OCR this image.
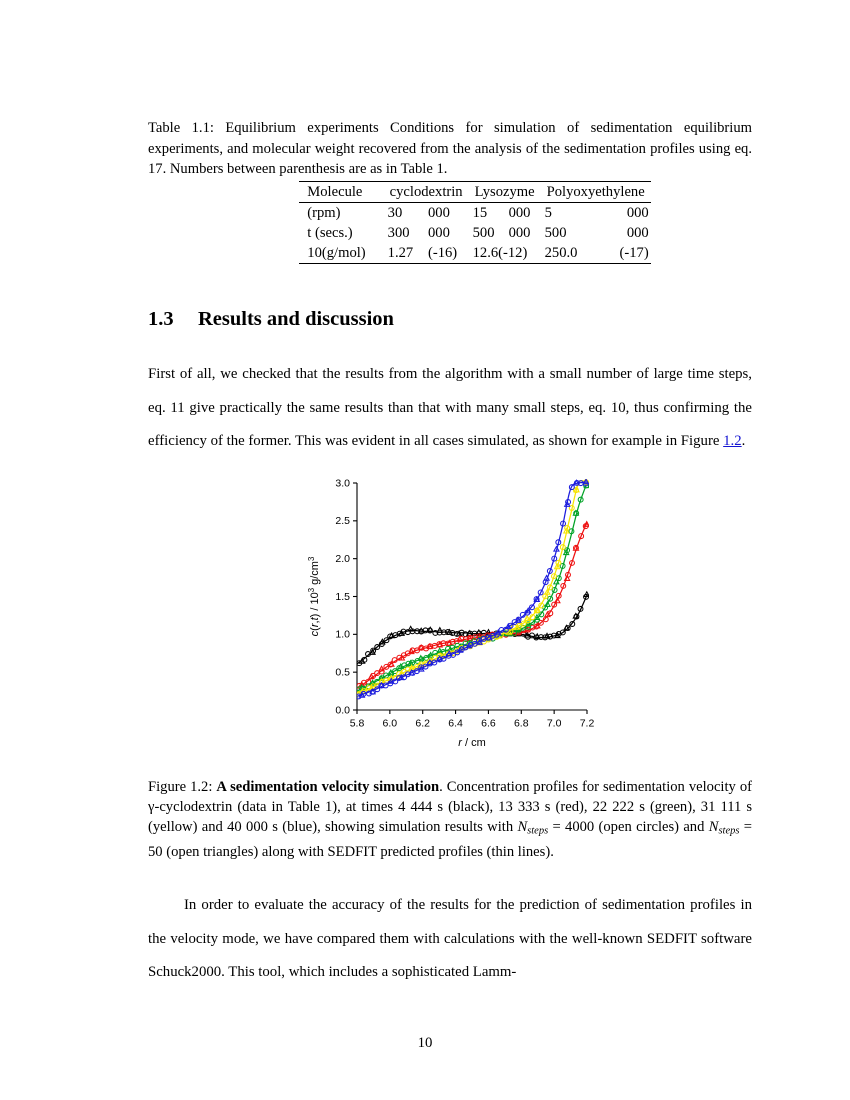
Table 1.1: Equilibrium experiments Conditions for simulation of sedimentation equilibrium experiments, and molecular weight recovered from the analysis of the sedimentation profiles using eq. 17. Numbers between parenthesis are as in Table 1.

Molecule	cyclodextrin		Lysozyme		Polyoxyethylene	

(rpm)	30	000	15	000	5	000
t (secs.)	300	000	500	000	500	000
10(g/mol)	1.27	(-16)	12.6(-12)		250.0	(-17)

1.3 Results and discussion

First of all, we checked that the results from the algorithm with a small number of large time steps, eq. 11 give practically the same results than that with many small steps, eq. 10, thus confirming the efficiency of the former. This was evident in all cases simulated, as shown for example in Figure 1.2.

0.0
0.5
1.0
1.5
2.0
2.5
3.0
5.8 6.0 6.2 6.4 6.6 6.8 7.0 7.2
r / cm
$c(r,t) / 10^3$ $g/cm^3$

Figure 1.2: A sedimentation velocity simulation. Concentration profiles for sedimentation velocity of γ-cyclodextrin (data in Table 1), at times 4 444 s (black), 13 333 s (red), 22 222 s (green), 31 111 s (yellow) and 40 000 s (blue), showing simulation results with $N_{steps} = 4000$ (open circles) and $N_{steps} = 50$ (open triangles) along with SEDFIT predicted profiles (thin lines).

In order to evaluate the accuracy of the results for the prediction of sedimentation profiles in the velocity mode, we have compared them with calculations with the well-known SEDFIT software Schuck2000. This tool, which includes a sophisticated Lamm-

10
